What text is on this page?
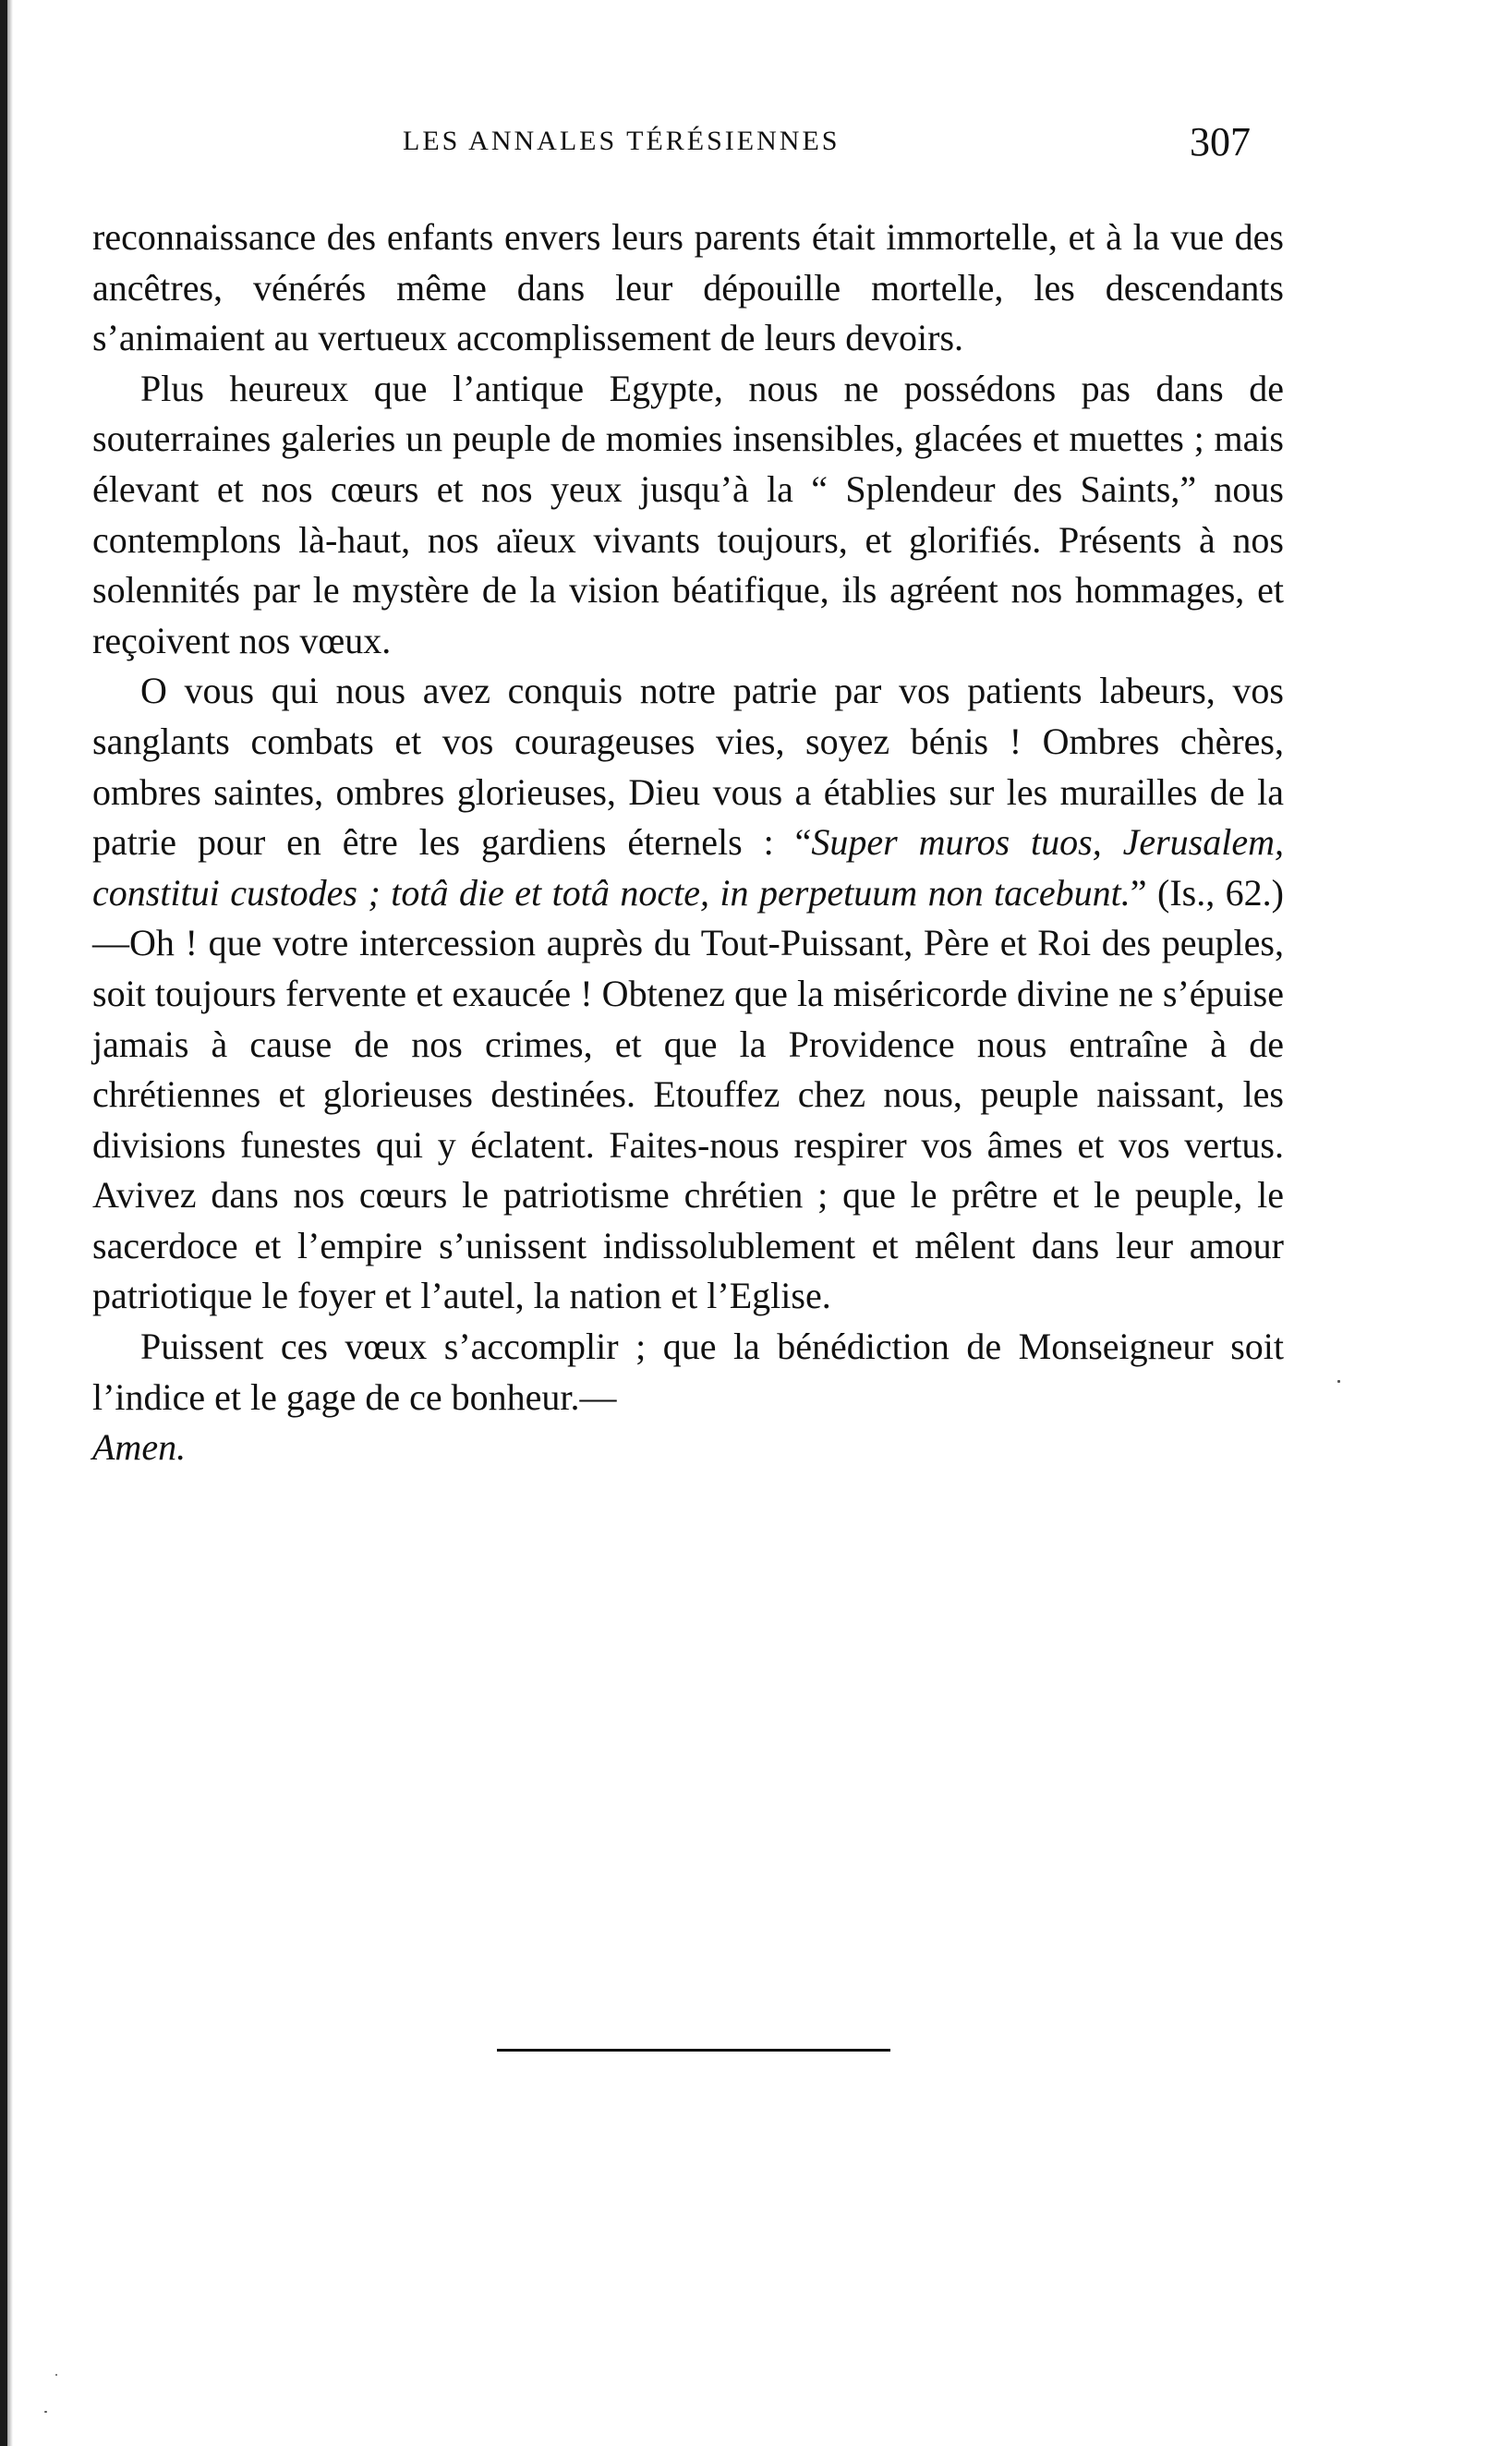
LES ANNALES TÉRÉSIENNES	307

reconnaissance des enfants envers leurs parents était immortelle, et à la vue des ancêtres, vénérés même dans leur dépouille mortelle, les descendants s’animaient au vertueux accomplissement de leurs devoirs.

Plus heureux que l’antique Egypte, nous ne possédons pas dans de souterraines galeries un peuple de momies insensibles, glacées et muettes ; mais élevant et nos cœurs et nos yeux jusqu’à la “ Splendeur des Saints,” nous contemplons là-haut, nos aïeux vivants toujours, et glorifiés. Présents à nos solennités par le mystère de la vision béatifique, ils agréent nos hommages, et reçoivent nos vœux.

O vous qui nous avez conquis notre patrie par vos patients labeurs, vos sanglants combats et vos courageuses vies, soyez bénis ! Ombres chères, ombres saintes, ombres glorieuses, Dieu vous a établies sur les murailles de la patrie pour en être les gardiens éternels : “Super muros tuos, Jerusalem, constitui custodes ; totâ die et totâ nocte, in perpetuum non tacebunt.” (Is., 62.)—Oh ! que votre intercession auprès du Tout-Puissant, Père et Roi des peuples, soit toujours fervente et exaucée ! Obtenez que la miséricorde divine ne s’épuise jamais à cause de nos crimes, et que la Providence nous entraîne à de chrétiennes et glorieuses destinées. Etouffez chez nous, peuple naissant, les divisions funestes qui y éclatent. Faites-nous respirer vos âmes et vos vertus. Avivez dans nos cœurs le patriotisme chrétien ; que le prêtre et le peuple, le sacerdoce et l’empire s’unissent indissolublement et mêlent dans leur amour patriotique le foyer et l’autel, la nation et l’Eglise.

Puissent ces vœux s’accomplir ; que la bénédiction de Monseigneur soit l’indice et le gage de ce bonheur.—
Amen.
